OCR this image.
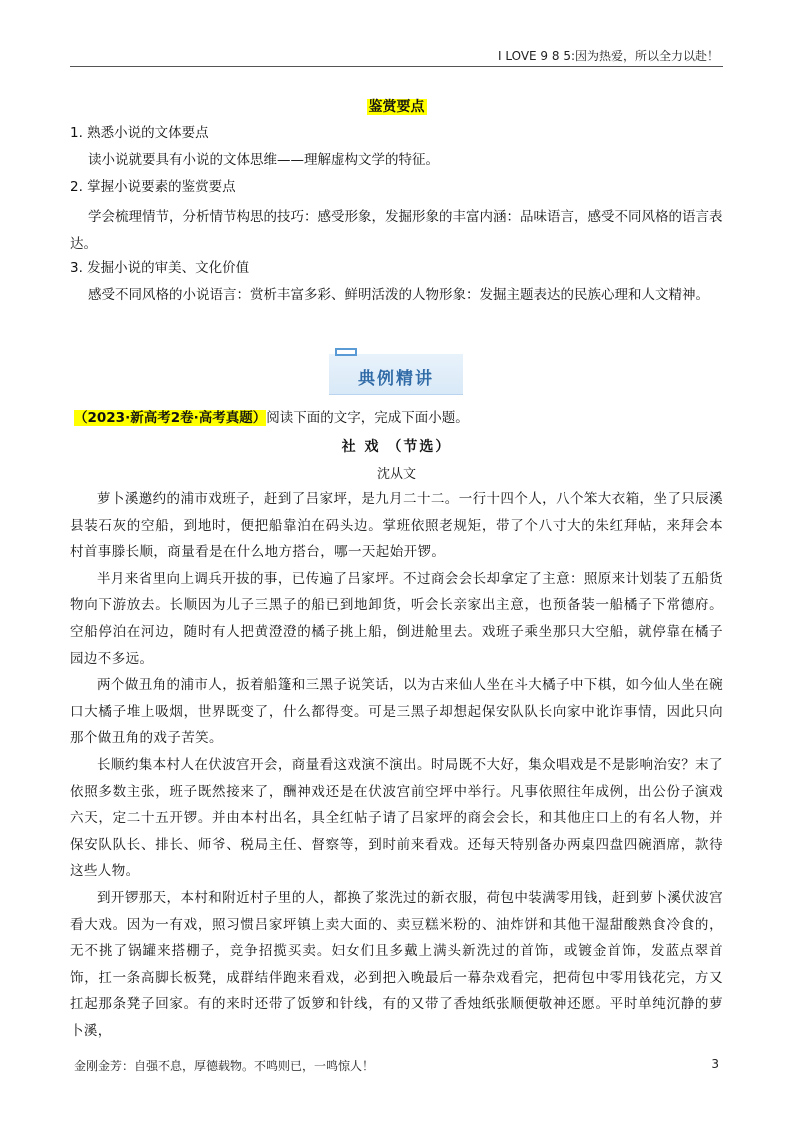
I LOVE 9 8 5:因为热爱，所以全力以赴！
鉴赏要点
1. 熟悉小说的文体要点
读小说就要具有小说的文体思维——理解虚构文学的特征。
2. 掌握小说要素的鉴赏要点
学会梳理情节，分析情节构思的技巧：感受形象，发掘形象的丰富内涵：品味语言，感受不同风格的语言表达。
3. 发掘小说的审美、文化价值
感受不同风格的小说语言：赏析丰富多彩、鲜明活泼的人物形象：发掘主题表达的民族心理和人文精神。
典例精讲
（2023·新高考2卷·高考真题）阅读下面的文字，完成下面小题。
社 戏 （节选）
沈从文

萝卜溪邀约的浦市戏班子，赶到了吕家坪，是九月二十二。一行十四个人，八个笨大衣箱，坐了只辰溪县装石灰的空船，到地时，便把船靠泊在码头边。掌班依照老规矩，带了个八寸大的朱红拜帖，来拜会本村首事滕长顺，商量看是在什么地方搭台，哪一天起始开锣。

半月来省里向上调兵开拔的事，已传遍了吕家坪。不过商会会长却拿定了主意：照原来计划装了五船货物向下游放去。长顺因为儿子三黑子的船已到地卸货，听会长亲家出主意，也预备装一船橘子下常德府。空船停泊在河边，随时有人把黄澄澄的橘子挑上船，倒进舱里去。戏班子乘坐那只大空船，就停靠在橘子园边不多远。

两个做丑角的浦市人，扳着船篷和三黑子说笑话，以为古来仙人坐在斗大橘子中下棋，如今仙人坐在碗口大橘子堆上吸烟，世界既变了，什么都得变。可是三黑子却想起保安队队长向家中讹诈事情，因此只向那个做丑角的戏子苦笑。

长顺约集本村人在伏波宫开会，商量看这戏演不演出。时局既不大好，集众唱戏是不是影响治安？末了依照多数主张，班子既然接来了，酬神戏还是在伏波宫前空坪中举行。凡事依照往年成例，出公份子演戏六天，定二十五开锣。并由本村出名，具全红帖子请了吕家坪的商会会长，和其他庄口上的有名人物，并保安队队长、排长、师爷、税局主任、督察等，到时前来看戏。还每天特别备办两桌四盘四碗酒席，款待这些人物。

到开锣那天，本村和附近村子里的人，都换了浆洗过的新衣服，荷包中装满零用钱，赶到萝卜溪伏波宫看大戏。因为一有戏，照习惯吕家坪镇上卖大面的、卖豆糕米粉的、油炸饼和其他干湿甜酸熟食冷食的，无不挑了锅罐来搭棚子，竞争招揽买卖。妇女们且多戴上满头新洗过的首饰，或镀金首饰，发蓝点翠首饰，扛一条高脚长板凳，成群结伴跑来看戏，必到把入晚最后一幕杂戏看完，把荷包中零用钱花完，方又扛起那条凳子回家。有的来时还带了饭箩和针线，有的又带了香烛纸张顺便敬神还愿。平时单纯沉静的萝卜溪，

金刚金芳：自强不息，厚德载物。不鸣则已，一鸣惊人！	3
